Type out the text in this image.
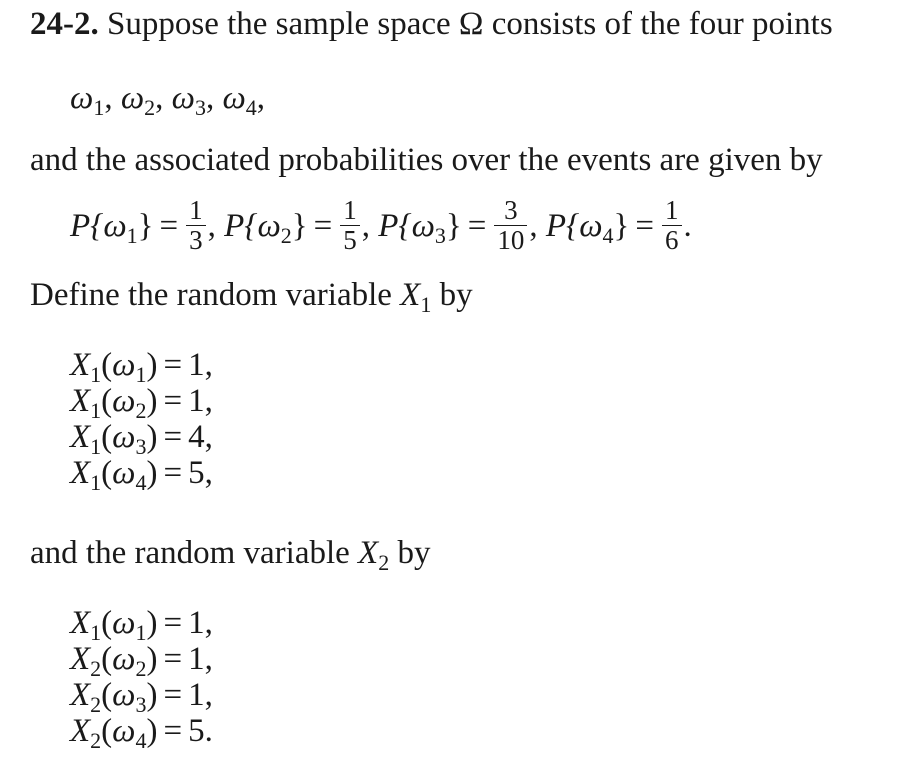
24-2. Suppose the sample space Ω consists of the four points
$\omega_1$, $\omega_2$, $\omega_3$, $\omega_4$,
and the associated probabilities over the events are given by
$P\{\omega_1\} = \frac{1}{3}$ , $P\{\omega_2\} = \frac{1}{5}$ , $P\{\omega_3\} = \frac{3}{10}$ , $P\{\omega_4\} = \frac{1}{6}$ .
Define the random variable $X_1$ by
$X_1(\omega_1) = 1$,
$X_1(\omega_2) = 1$,
$X_1(\omega_3) = 4$,
$X_1(\omega_4) = 5$,
and the random variable $X_2$ by
$X_1(\omega_1) = 1$,
$X_2(\omega_2) = 1$,
$X_2(\omega_3) = 1$,
$X_2(\omega_4) = 5$.
